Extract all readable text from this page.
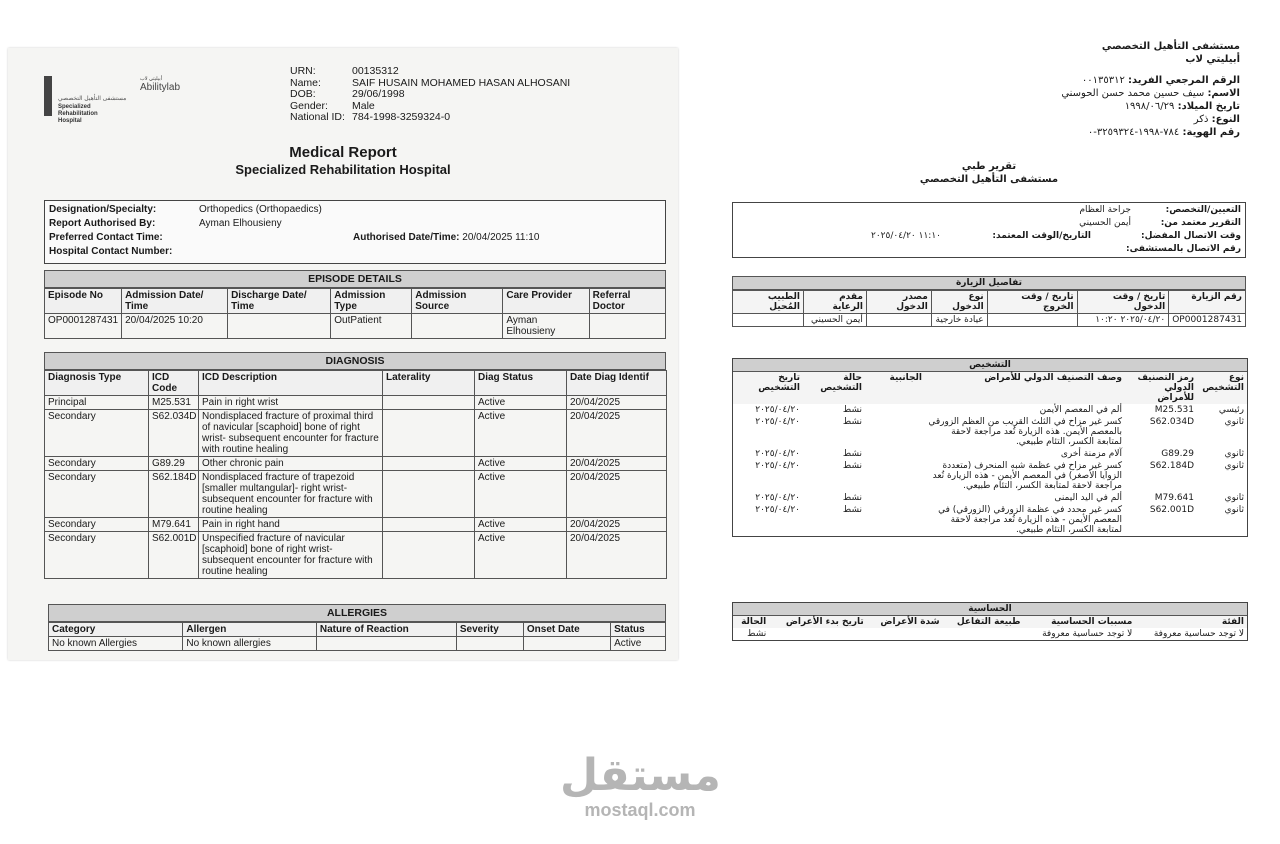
مستشفى التأهيل التخصصي
Specialized Rehabilitation Hospital
أبيليتي لاب
Abilitylab
URN:	00135312
Name:	SAIF HUSAIN MOHAMED HASAN ALHOSANI
DOB:	29/06/1998
Gender:	Male
National ID: 784-1998-3259324-0
Medical Report
Specialized Rehabilitation Hospital
Designation/Specialty:	Orthopedics (Orthopaedics)
Report Authorised By:	Ayman Elhousieny
Preferred Contact Time:	Authorised Date/Time: 20/04/2025 11:10
Hospital Contact Number:
EPISODE DETAILS
Episode No	Admission Date/ Time	Discharge Date/ Time	Admission Type	Admission Source	Care Provider	Referral Doctor
OP0001287431	20/04/2025 10:20		OutPatient		Ayman Elhousieny	
DIAGNOSIS
Diagnosis Type	ICD Code	ICD Description	Laterality	Diag Status	Date Diag Identif
Principal	M25.531	Pain in right wrist		Active	20/04/2025
Secondary	S62.034D	Nondisplaced fracture of proximal third of navicular [scaphoid] bone of right wrist- subsequent encounter for fracture with routine healing		Active	20/04/2025
Secondary	G89.29	Other chronic pain		Active	20/04/2025
Secondary	S62.184D	Nondisplaced fracture of trapezoid [smaller multangular]- right wrist- subsequent encounter for fracture with routine healing		Active	20/04/2025
Secondary	M79.641	Pain in right hand		Active	20/04/2025
Secondary	S62.001D	Unspecified fracture of navicular [scaphoid] bone of right wrist- subsequent encounter for fracture with routine healing		Active	20/04/2025
ALLERGIES
Category	Allergen	Nature of Reaction	Severity	Onset Date	Status
No known Allergies	No known allergies				Active
مستشفى التأهيل التخصصي
أبيليتي لاب
الرقم المرجعي الفريد: ٠٠١٣٥٣١٢
الاسم: سيف حسين محمد حسن الحوسني
تاريخ الميلاد: ١٩٩٨/٠٦/٢٩
النوع: ذكر
رقم الهوية: ٧٨٤-١٩٩٨-٣٢٥٩٣٢٤-٠
تقرير طبي
مستشفى التأهيل التخصصي
التعيين/التخصص:جراحة العظام
التقرير معتمد من:أيمن الحسيني
وقت الاتصال المفضل:التاريخ/الوقت المعتمد:١١:١٠ ٢٠٢٥/٠٤/٢٠
رقم الاتصال بالمستشفى:
تفاصيل الزيارة
رقم الزيارة	تاريخ / وقت الدخول	تاريخ / وقت الخروج	نوع الدخول	مصدر الدخول	مقدم الرعاية	الطبيب المُحيل
OP0001287431	٢٠٢٥/٠٤/٢٠ ١٠:٢٠		عيادة خارجية		أيمن الحسيني	
التشخيص
نوع التشخيص	رمز التصنيف الدولي للأمراض	وصف التصنيف الدولي للأمراض	الجانبية	حالة التشخيص	تاريخ التشخيص
رئيسي	M25.531	ألم في المعصم الأيمن		نشط	٢٠٢٥/٠٤/٢٠
ثانوي	S62.034D	كسر غير مزاح في الثلث القريب من العظم الزورقي بالمعصم الأيمن. هذه الزيارة تُعد مراجعة لاحقة لمتابعة الكسر، التئام طبيعي.		نشط	٢٠٢٥/٠٤/٢٠
ثانوي	G89.29	آلام مزمنة أخرى		نشط	٢٠٢٥/٠٤/٢٠
ثانوي	S62.184D	كسر غير مزاح في عظمة شبه المنحرف (متعددة الزوايا الأصغر) في المعصم الأيمن - هذه الزيارة تُعد مراجعة لاحقة لمتابعة الكسر، التئام طبيعي.		نشط	٢٠٢٥/٠٤/٢٠
ثانوي	M79.641	ألم في اليد اليمنى		نشط	٢٠٢٥/٠٤/٢٠
ثانوي	S62.001D	كسر غير محدد في عظمة الزورقي (الزورقي) في المعصم الأيمن - هذه الزيارة تُعد مراجعة لاحقة لمتابعة الكسر، التئام طبيعي.		نشط	٢٠٢٥/٠٤/٢٠
الحساسية
الفئة	مسببات الحساسية	طبيعة التفاعل	شدة الأعراض	تاريخ بدء الأعراض	الحالة
لا توجد حساسية معروفة	لا توجد حساسية معروفة				نشط
مستقل
mostaql.com
